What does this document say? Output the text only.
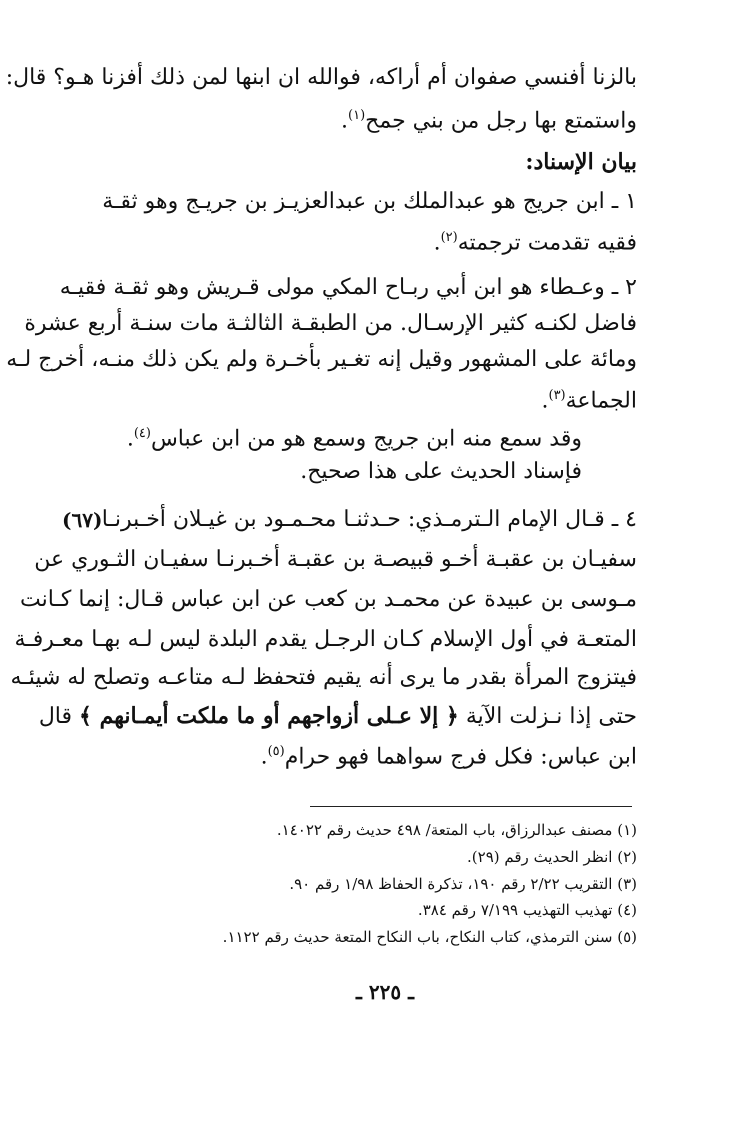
بالزنا أفنسي صفوان أم أراكه، فوالله ان ابنها لمن ذلك أفزنا هـو؟ قال:
واستمتع بها رجل من بني جمح$^{(١)}$.
بيان الإسناد:
١ ـ ابن جريج هو عبدالملك بن عبدالعزيـز بن جريـج وهو ثقـة
فقيه تقدمت ترجمته$^{(٢)}$.
٢ ـ وعـطاء هو ابن أبي ربـاح المكي مولى قـريش وهو ثقـة فقيـه
فاضل لكنـه كثير الإرسـال. من الطبقـة الثالثـة مات سنـة أربع عشرة
ومائة على المشهور وقيل إنه تغـير بأخـرة ولم يكن ذلك منـه، أخرج لـه
الجماعة$^{(٣)}$.
وقد سمع منه ابن جريج وسمع هو من ابن عباس$^{(٤)}$.
فإسناد الحديث على هذا صحيح.
(٦٧) ٤ ـ قـال الإمام الـترمـذي: حـدثنـا محـمـود بن غيـلان أخـبرنـا
سفيـان بن عقبـة أخـو قبيصـة بن عقبـة أخـبرنـا سفيـان الثـوري عن
مـوسى بن عبيدة عن محمـد بن كعب عن ابن عباس قـال: إنما كـانت
المتعـة في أول الإسلام كـان الرجـل يقدم البلدة ليس لـه بهـا معـرفـة
فيتزوج المرأة بقدر ما يرى أنه يقيم فتحفظ لـه متاعـه وتصلح له شيئـه
حتى إذا نـزلت الآية ﴿ إلا عـلى أزواجهم أو ما ملكت أيمـانهم ﴾ قال
ابن عباس: فكل فرج سواهما فهو حرام$^{(٥)}$.
(١) مصنف عبدالرزاق، باب المتعة/ ٤٩٨ حديث رقم ١٤٠٢٢.
(٢) انظر الحديث رقم (٢٩).
(٣) التقريب ٢/٢٢ رقم ١٩٠، تذكرة الحفاظ ١/٩٨ رقم ٩٠.
(٤) تهذيب التهذيب ٧/١٩٩ رقم ٣٨٤.
(٥) سنن الترمذي، كتاب النكاح، باب النكاح المتعة حديث رقم ١١٢٢.
ـ ٢٢٥ ـ
